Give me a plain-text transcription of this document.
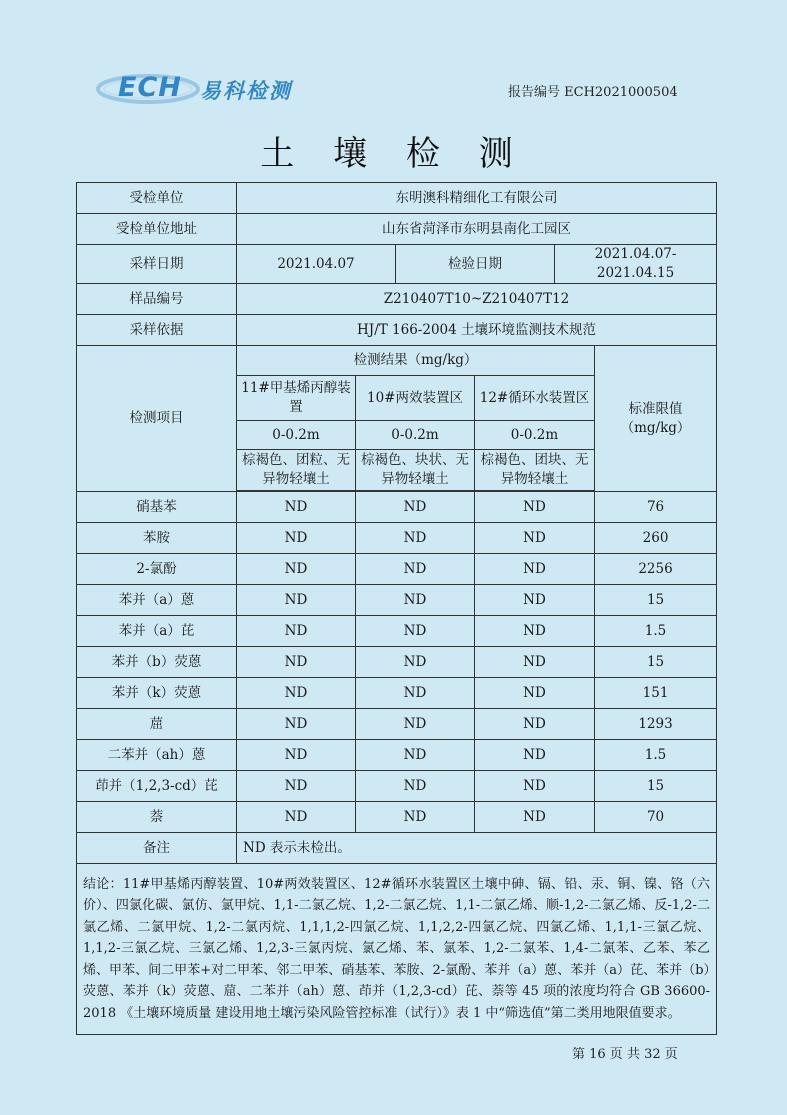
ECH 易科检测	报告编号 ECH2021000504
土 壤 检 测
受检单位	东明澳科精细化工有限公司					
受检单位地址	山东省菏泽市东明县南化工园区					
采样日期	2021.04.07		检验日期		2021.04.07-2021.04.15	
样品编号	Z210407T10~Z210407T12					
采样依据	HJ/T 166-2004 土壤环境监测技术规范					
检测项目	检测结果（mg/kg）					标准限值
（mg/kg）
	11#甲基烯丙醇装置	10#两效装置区		12#循环水装置区		
	0-0.2m	0-0.2m		0-0.2m		
	棕褐色、团粒、无异物轻壤土	棕褐色、块状、无异物轻壤土		棕褐色、团块、无异物轻壤土		

硝基苯	ND	ND		ND		76
苯胺	ND	ND		ND		260
2-氯酚	ND	ND		ND		2256
苯并（a）蒽	ND	ND		ND		15
苯并（a）芘	ND	ND		ND		1.5
苯并（b）荧蒽	ND	ND		ND		15
苯并（k）荧蒽	ND	ND		ND		151
䓛	ND	ND		ND		1293
二苯并（ah）蒽	ND	ND		ND		1.5
茚并（1,2,3-cd）芘	ND	ND		ND		15
萘	ND	ND		ND		70
备注	ND 表示未检出。					
结论：11#甲基烯丙醇装置、10#两效装置区、12#循环水装置区土壤中砷、镉、铅、汞、铜、镍、铬（六价）、四氯化碳、氯仿、氯甲烷、1,1-二氯乙烷、1,2-二氯乙烷、1,1-二氯乙烯、顺-1,2-二氯乙烯、反-1,2-二氯乙烯、二氯甲烷、1,2-二氯丙烷、1,1,1,2-四氯乙烷、1,1,2,2-四氯乙烷、四氯乙烯、1,1,1-三氯乙烷、1,1,2-三氯乙烷、三氯乙烯、1,2,3-三氯丙烷、氯乙烯、苯、氯苯、1,2-二氯苯、1,4-二氯苯、乙苯、苯乙烯、甲苯、间二甲苯+对二甲苯、邻二甲苯、硝基苯、苯胺、2-氯酚、苯并（a）蒽、苯并（a）芘、苯并（b）荧蒽、苯并（k）荧蒽、䓛、二苯并（ah）蒽、茚并（1,2,3-cd）芘、萘等 45 项的浓度均符合 GB 36600-2018 《土壤环境质量 建设用地土壤污染风险管控标准（试行）》表 1 中“筛选值”第二类用地限值要求。						
第 16 页 共 32 页
